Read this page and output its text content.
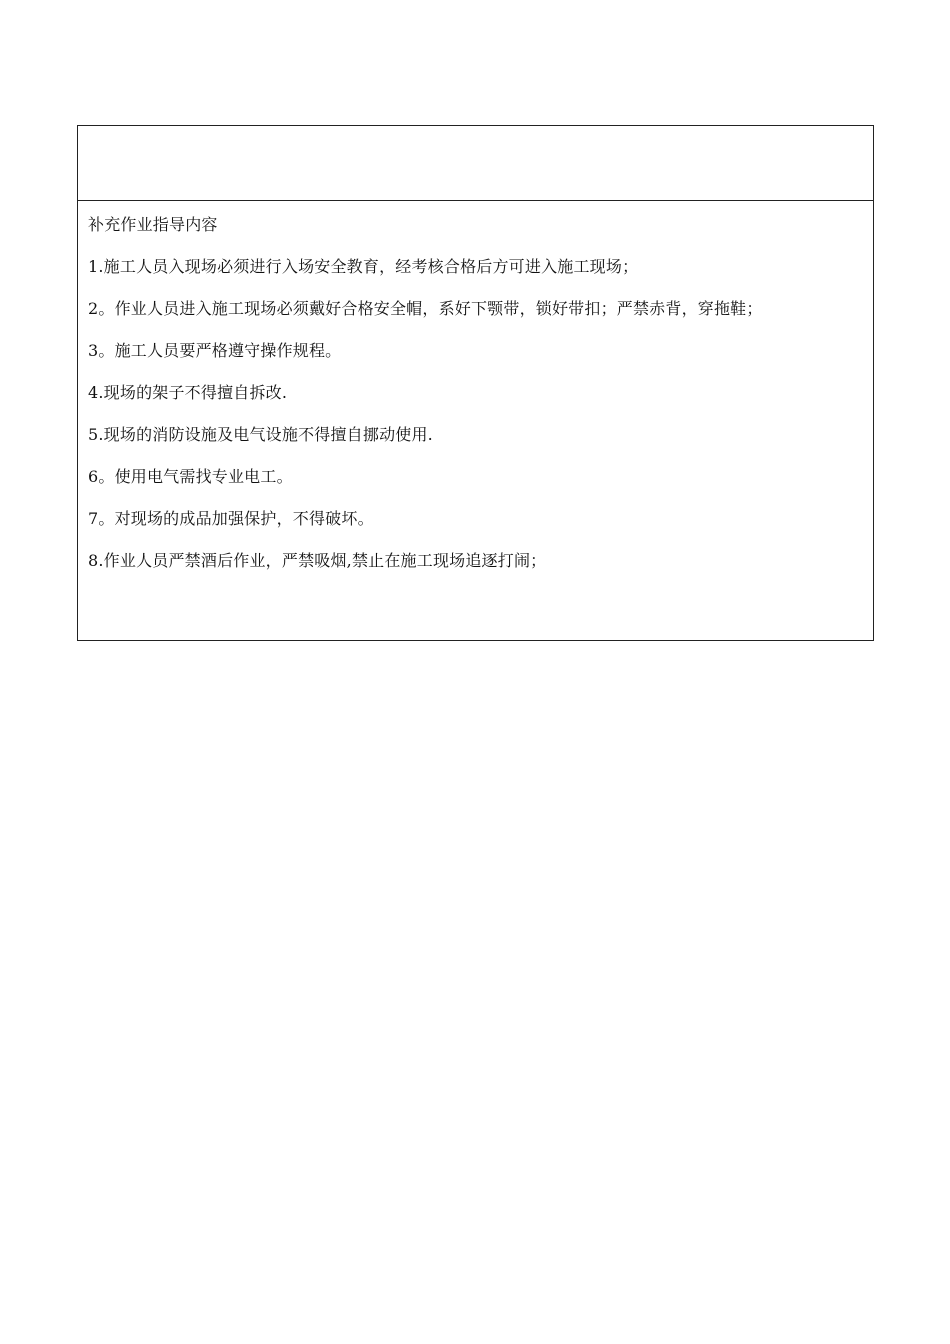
补充作业指导内容
1.施工人员入现场必须进行入场安全教育，经考核合格后方可进入施工现场；
2。作业人员进入施工现场必须戴好合格安全帽，系好下颚带，锁好带扣；严禁赤背，穿拖鞋；
3。施工人员要严格遵守操作规程。
4.现场的架子不得擅自拆改.
5.现场的消防设施及电气设施不得擅自挪动使用.
6。使用电气需找专业电工。
7。对现场的成品加强保护，不得破坏。
8.作业人员严禁酒后作业，严禁吸烟,禁止在施工现场追逐打闹；
